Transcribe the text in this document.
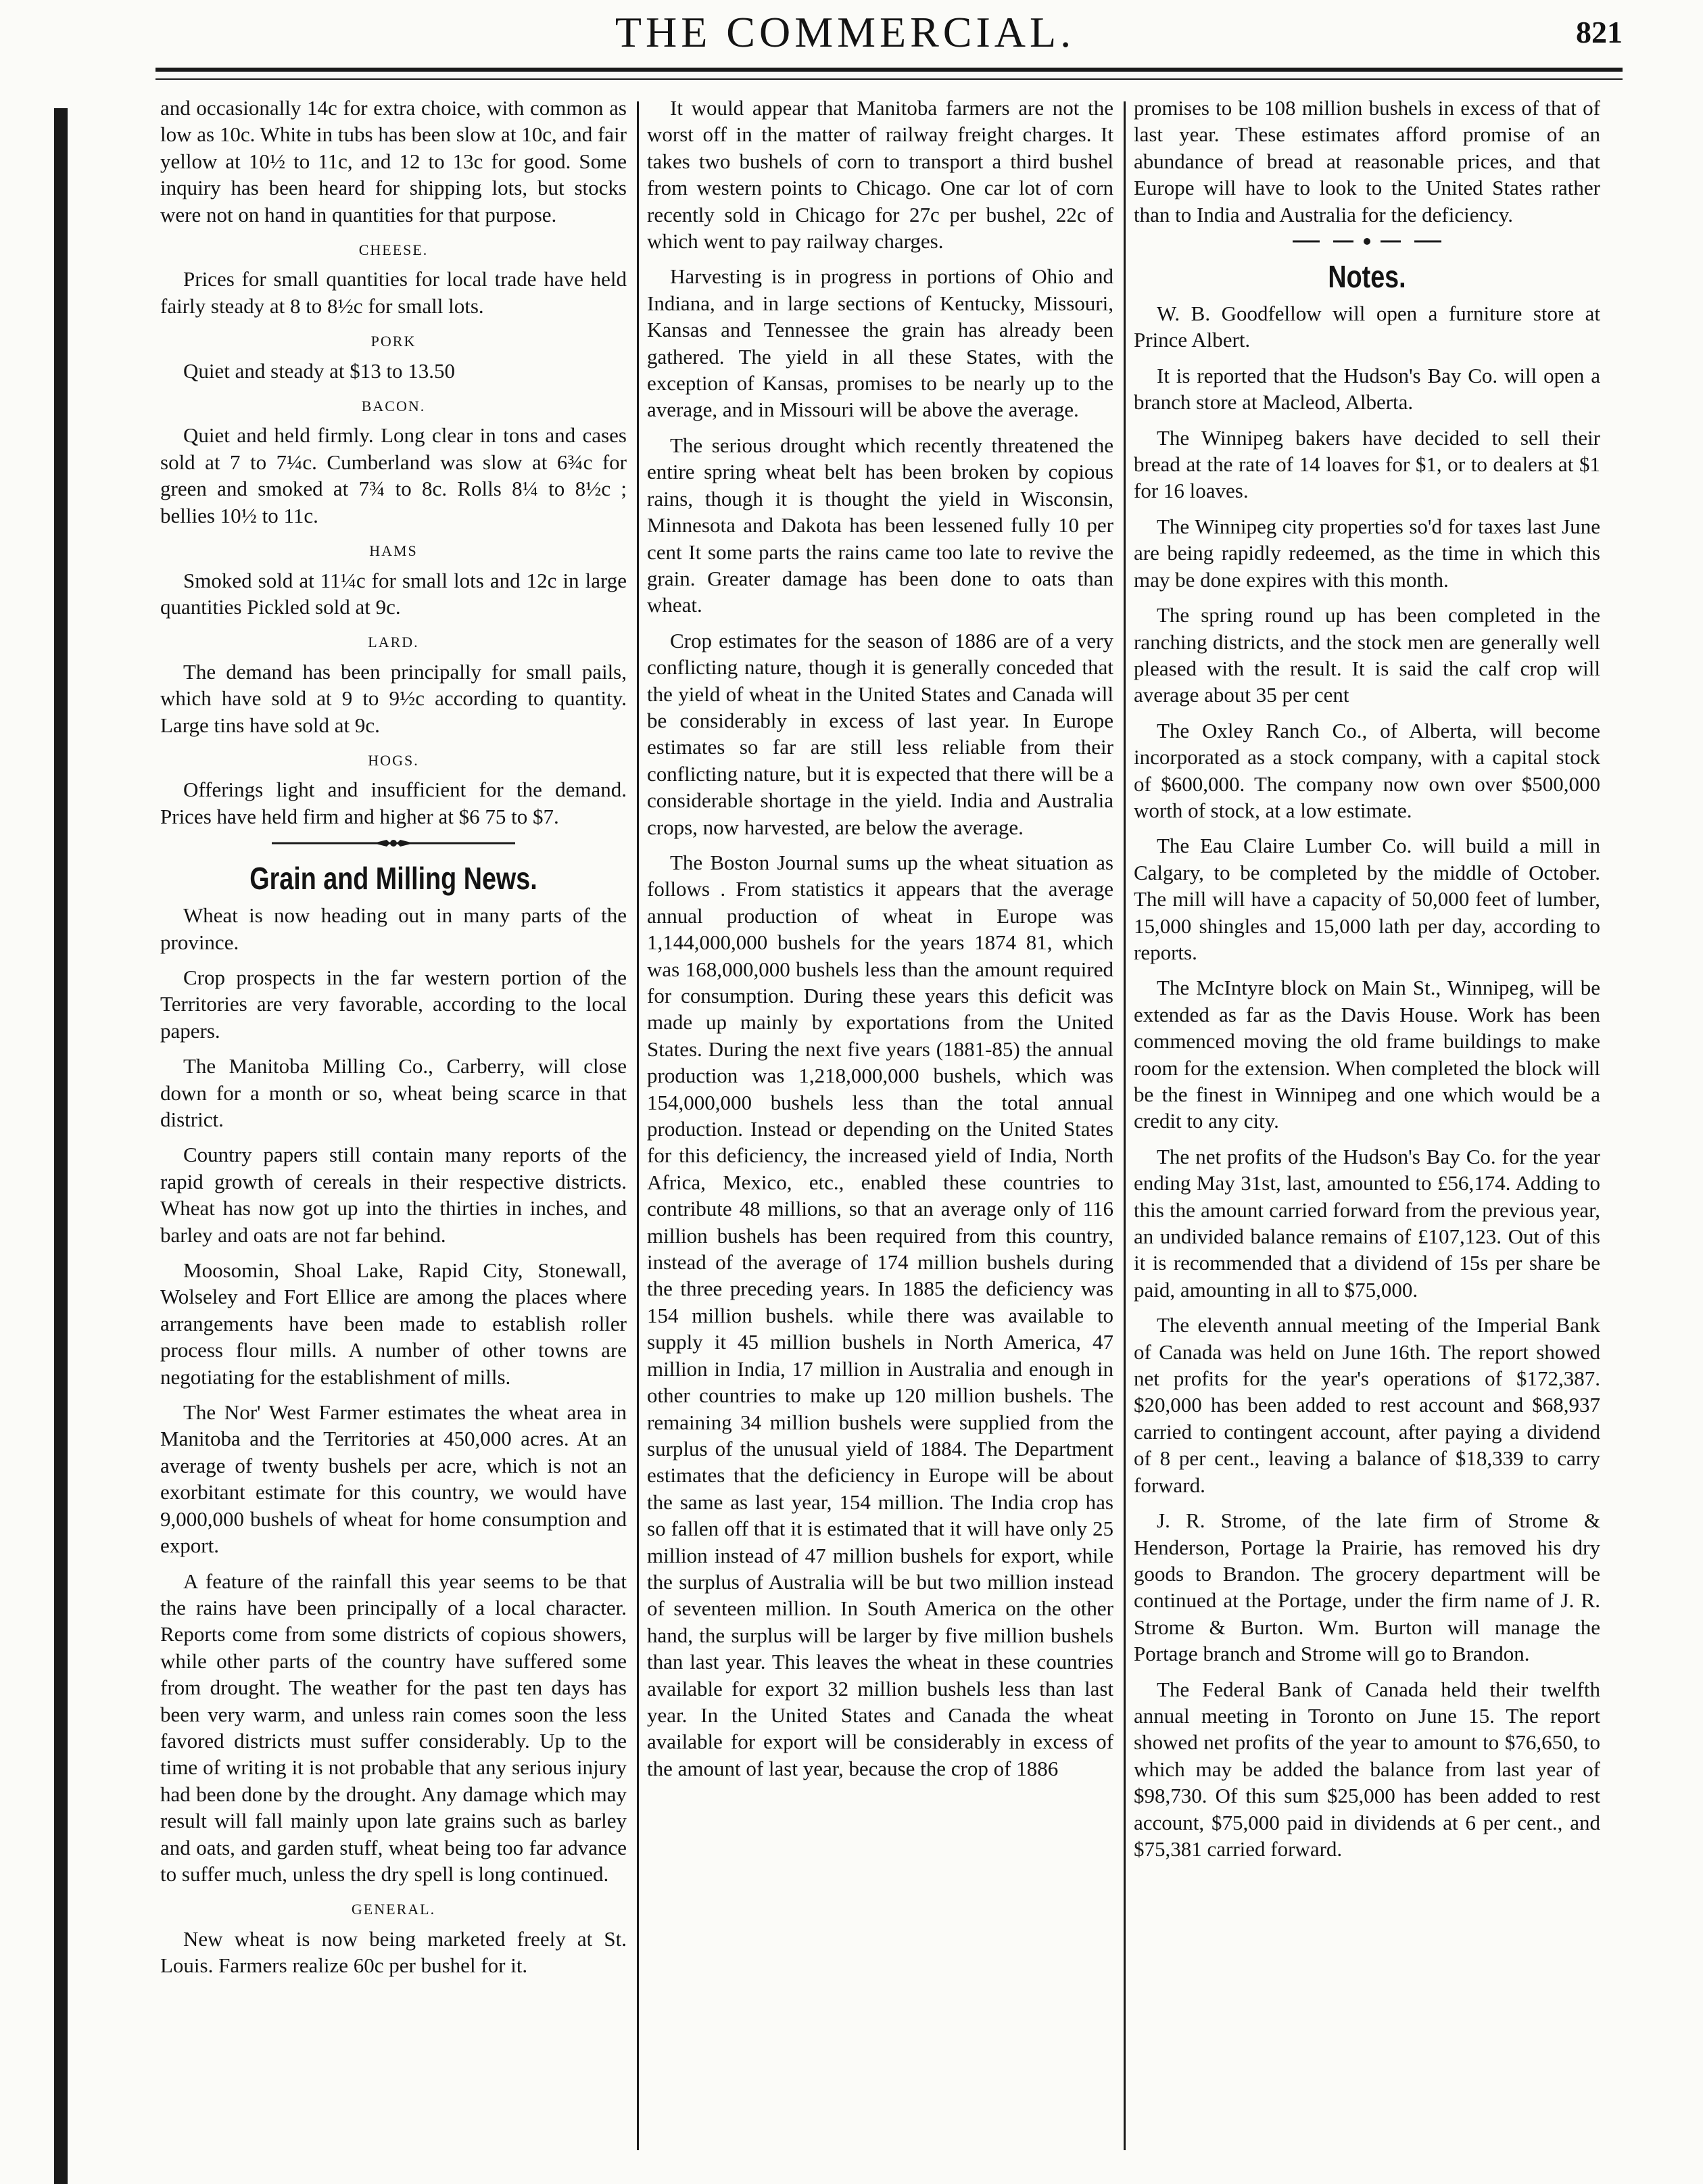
THE COMMERCIAL.	821

and occasionally 14c for extra choice, with common as low as 10c. White in tubs has been slow at 10c, and fair yellow at 10½ to 11c, and 12 to 13c for good. Some inquiry has been heard for shipping lots, but stocks were not on hand in quantities for that purpose.

CHEESE.

Prices for small quantities for local trade have held fairly steady at 8 to 8½c for small lots.

PORK

Quiet and steady at $13 to 13.50

BACON.

Quiet and held firmly. Long clear in tons and cases sold at 7 to 7¼c. Cumberland was slow at 6¾c for green and smoked at 7¾ to 8c. Rolls 8¼ to 8½c ; bellies 10½ to 11c.

HAMS

Smoked sold at 11¼c for small lots and 12c in large quantities Pickled sold at 9c.

LARD.

The demand has been principally for small pails, which have sold at 9 to 9½c according to quantity. Large tins have sold at 9c.

HOGS.

Offerings light and insufficient for the demand. Prices have held firm and higher at $6 75 to $7.

Grain and Milling News.

Wheat is now heading out in many parts of the province.

Crop prospects in the far western portion of the Territories are very favorable, according to the local papers.

The Manitoba Milling Co., Carberry, will close down for a month or so, wheat being scarce in that district.

Country papers still contain many reports of the rapid growth of cereals in their respective districts. Wheat has now got up into the thirties in inches, and barley and oats are not far behind.

Moosomin, Shoal Lake, Rapid City, Stonewall, Wolseley and Fort Ellice are among the places where arrangements have been made to establish roller process flour mills. A number of other towns are negotiating for the establishment of mills.

The Nor' West Farmer estimates the wheat area in Manitoba and the Territories at 450,000 acres. At an average of twenty bushels per acre, which is not an exorbitant estimate for this country, we would have 9,000,000 bushels of wheat for home consumption and export.

A feature of the rainfall this year seems to be that the rains have been principally of a local character. Reports come from some districts of copious showers, while other parts of the country have suffered some from drought. The weather for the past ten days has been very warm, and unless rain comes soon the less favored districts must suffer considerably. Up to the time of writing it is not probable that any serious injury had been done by the drought. Any damage which may result will fall mainly upon late grains such as barley and oats, and garden stuff, wheat being too far advance to suffer much, unless the dry spell is long continued.

GENERAL.

New wheat is now being marketed freely at St. Louis. Farmers realize 60c per bushel for it.

It would appear that Manitoba farmers are not the worst off in the matter of railway freight charges. It takes two bushels of corn to transport a third bushel from western points to Chicago. One car lot of corn recently sold in Chicago for 27c per bushel, 22c of which went to pay railway charges.

Harvesting is in progress in portions of Ohio and Indiana, and in large sections of Kentucky, Missouri, Kansas and Tennessee the grain has already been gathered. The yield in all these States, with the exception of Kansas, promises to be nearly up to the average, and in Missouri will be above the average.

The serious drought which recently threatened the entire spring wheat belt has been broken by copious rains, though it is thought the yield in Wisconsin, Minnesota and Dakota has been lessened fully 10 per cent It some parts the rains came too late to revive the grain. Greater damage has been done to oats than wheat.

Crop estimates for the season of 1886 are of a very conflicting nature, though it is generally conceded that the yield of wheat in the United States and Canada will be considerably in excess of last year. In Europe estimates so far are still less reliable from their conflicting nature, but it is expected that there will be a considerable shortage in the yield. India and Australia crops, now harvested, are below the average.

The Boston Journal sums up the wheat situation as follows . From statistics it appears that the average annual production of wheat in Europe was 1,144,000,000 bushels for the years 1874 81, which was 168,000,000 bushels less than the amount required for consumption. During these years this deficit was made up mainly by exportations from the United States. During the next five years (1881-85) the annual production was 1,218,000,000 bushels, which was 154,000,000 bushels less than the total annual production. Instead or depending on the United States for this deficiency, the increased yield of India, North Africa, Mexico, etc., enabled these countries to contribute 48 millions, so that an average only of 116 million bushels has been required from this country, instead of the average of 174 million bushels during the three preceding years. In 1885 the deficiency was 154 million bushels. while there was available to supply it 45 million bushels in North America, 47 million in India, 17 million in Australia and enough in other countries to make up 120 million bushels. The remaining 34 million bushels were supplied from the surplus of the unusual yield of 1884. The Department estimates that the deficiency in Europe will be about the same as last year, 154 million. The India crop has so fallen off that it is estimated that it will have only 25 million instead of 47 million bushels for export, while the surplus of Australia will be but two million instead of seventeen million. In South America on the other hand, the surplus will be larger by five million bushels than last year. This leaves the wheat in these countries available for export 32 million bushels less than last year. In the United States and Canada the wheat available for export will be considerably in excess of the amount of last year, because the crop of 1886

promises to be 108 million bushels in excess of that of last year. These estimates afford promise of an abundance of bread at reasonable prices, and that Europe will have to look to the United States rather than to India and Australia for the deficiency.

Notes.

W. B. Goodfellow will open a furniture store at Prince Albert.

It is reported that the Hudson's Bay Co. will open a branch store at Macleod, Alberta.

The Winnipeg bakers have decided to sell their bread at the rate of 14 loaves for $1, or to dealers at $1 for 16 loaves.

The Winnipeg city properties so'd for taxes last June are being rapidly redeemed, as the time in which this may be done expires with this month.

The spring round up has been completed in the ranching districts, and the stock men are generally well pleased with the result. It is said the calf crop will average about 35 per cent

The Oxley Ranch Co., of Alberta, will become incorporated as a stock company, with a capital stock of $600,000. The company now own over $500,000 worth of stock, at a low estimate.

The Eau Claire Lumber Co. will build a mill in Calgary, to be completed by the middle of October. The mill will have a capacity of 50,000 feet of lumber, 15,000 shingles and 15,000 lath per day, according to reports.

The McIntyre block on Main St., Winnipeg, will be extended as far as the Davis House. Work has been commenced moving the old frame buildings to make room for the extension. When completed the block will be the finest in Winnipeg and one which would be a credit to any city.

The net profits of the Hudson's Bay Co. for the year ending May 31st, last, amounted to £56,174. Adding to this the amount carried forward from the previous year, an undivided balance remains of £107,123. Out of this it is recommended that a dividend of 15s per share be paid, amounting in all to $75,000.

The eleventh annual meeting of the Imperial Bank of Canada was held on June 16th. The report showed net profits for the year's operations of $172,387. $20,000 has been added to rest account and $68,937 carried to contingent account, after paying a dividend of 8 per cent., leaving a balance of $18,339 to carry forward.

J. R. Strome, of the late firm of Strome & Henderson, Portage la Prairie, has removed his dry goods to Brandon. The grocery department will be continued at the Portage, under the firm name of J. R. Strome & Burton. Wm. Burton will manage the Portage branch and Strome will go to Brandon.

The Federal Bank of Canada held their twelfth annual meeting in Toronto on June 15. The report showed net profits of the year to amount to $76,650, to which may be added the balance from last year of $98,730. Of this sum $25,000 has been added to rest account, $75,000 paid in dividends at 6 per cent., and $75,381 carried forward.
